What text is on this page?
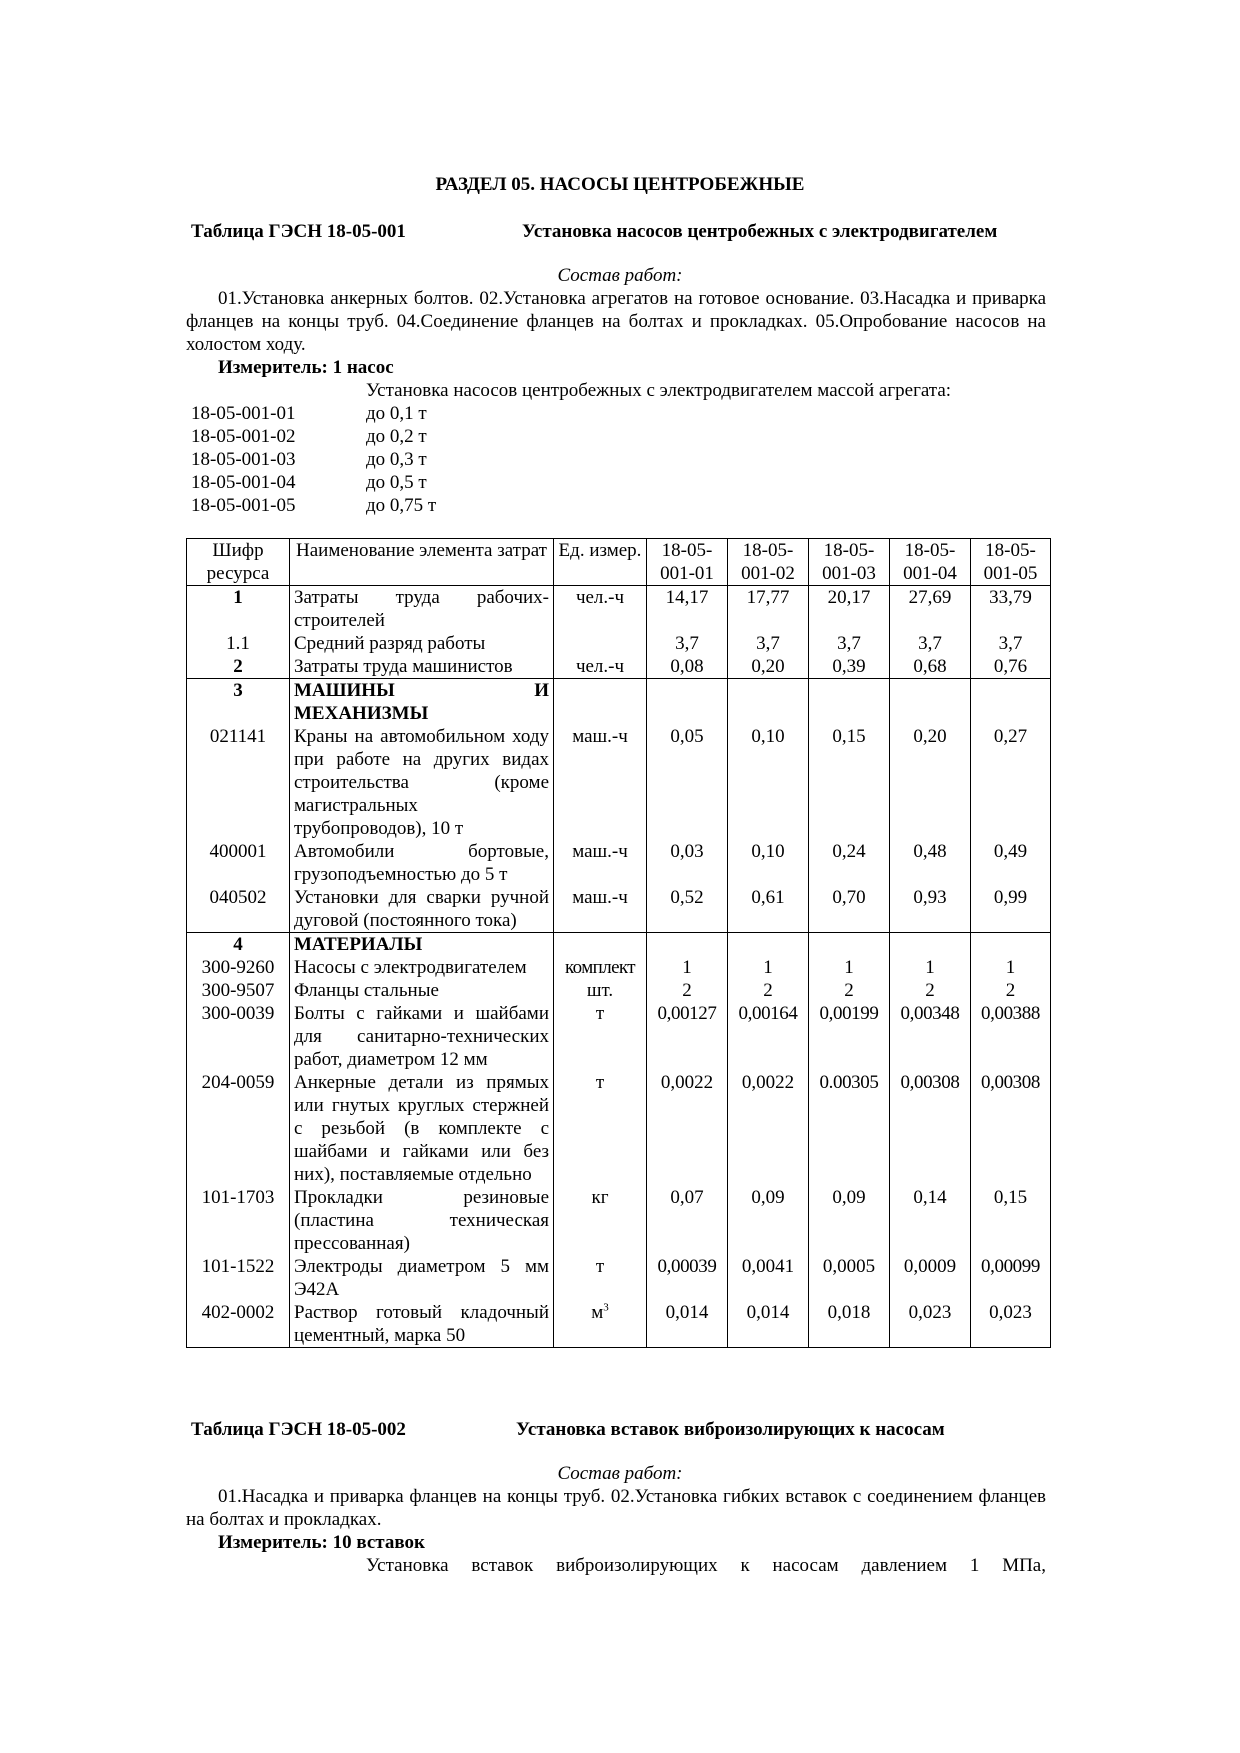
РАЗДЕЛ 05. НАСОСЫ ЦЕНТРОБЕЖНЫЕ
Таблица ГЭСН 18-05-001	Установка насосов центробежных с электродвигателем
Состав работ:
01.Установка анкерных болтов. 02.Установка агрегатов на готовое основание. 03.Насадка и приварка фланцев на концы труб. 04.Соединение фланцев на болтах и прокладках. 05.Опробование насосов на холостом ходу.
Измеритель: 1 насос
Установка насосов центробежных с электродвигателем массой агрегата:
18-05-001-01	до 0,1 т
18-05-001-02	до 0,2 т
18-05-001-03	до 0,3 т
18-05-001-04	до 0,5 т
18-05-001-05	до 0,75 т
Шифр ресурса	Наименование элемента затрат	Ед. измер.	18-05-001-01	18-05-001-02	18-05-001-03	18-05-001-04	18-05-001-05
1	Затраты труда рабочих-строителей	чел.-ч	14,17	17,77	20,17	27,69	33,79
1.1	Средний разряд работы		3,7	3,7	3,7	3,7	3,7
2	Затраты труда машинистов	чел.-ч	0,08	0,20	0,39	0,68	0,76
3	МАШИНЫ И МЕХАНИЗМЫ						
021141	Краны на автомобильном ходу при работе на других видах строительства (кроме магистральных трубопроводов), 10 т	маш.-ч	0,05	0,10	0,15	0,20	0,27
400001	Автомобили бортовые, грузоподъемностью до 5 т	маш.-ч	0,03	0,10	0,24	0,48	0,49
040502	Установки для сварки ручной дуговой (постоянного тока)	маш.-ч	0,52	0,61	0,70	0,93	0,99
4	МАТЕРИАЛЫ						
300-9260	Насосы с электродвигателем	комплект	1	1	1	1	1
300-9507	Фланцы стальные	шт.	2	2	2	2	2
300-0039	Болты с гайками и шайбами для санитарно-технических работ, диаметром 12 мм	т	0,00127	0,00164	0,00199	0,00348	0,00388
204-0059	Анкерные детали из прямых или гнутых круглых стержней с резьбой (в комплекте с шайбами и гайками или без них), поставляемые отдельно	т	0,0022	0,0022	0.00305	0,00308	0,00308
101-1703	Прокладки резиновые (пластина техническая прессованная)	кг	0,07	0,09	0,09	0,14	0,15
101-1522	Электроды диаметром 5 мм Э42А	т	0,00039	0,0041	0,0005	0,0009	0,00099
402-0002	Раствор готовый кладочный цементный, марка 50	$м^3$	0,014	0,014	0,018	0,023	0,023
Таблица ГЭСН 18-05-002	Установка вставок виброизолирующих к насосам
Состав работ:
01.Насадка и приварка фланцев на концы труб. 02.Установка гибких вставок с соединением фланцев на болтах и прокладках.
Измеритель: 10 вставок
Установка вставок виброизолирующих к насосам давлением 1 МПа,
